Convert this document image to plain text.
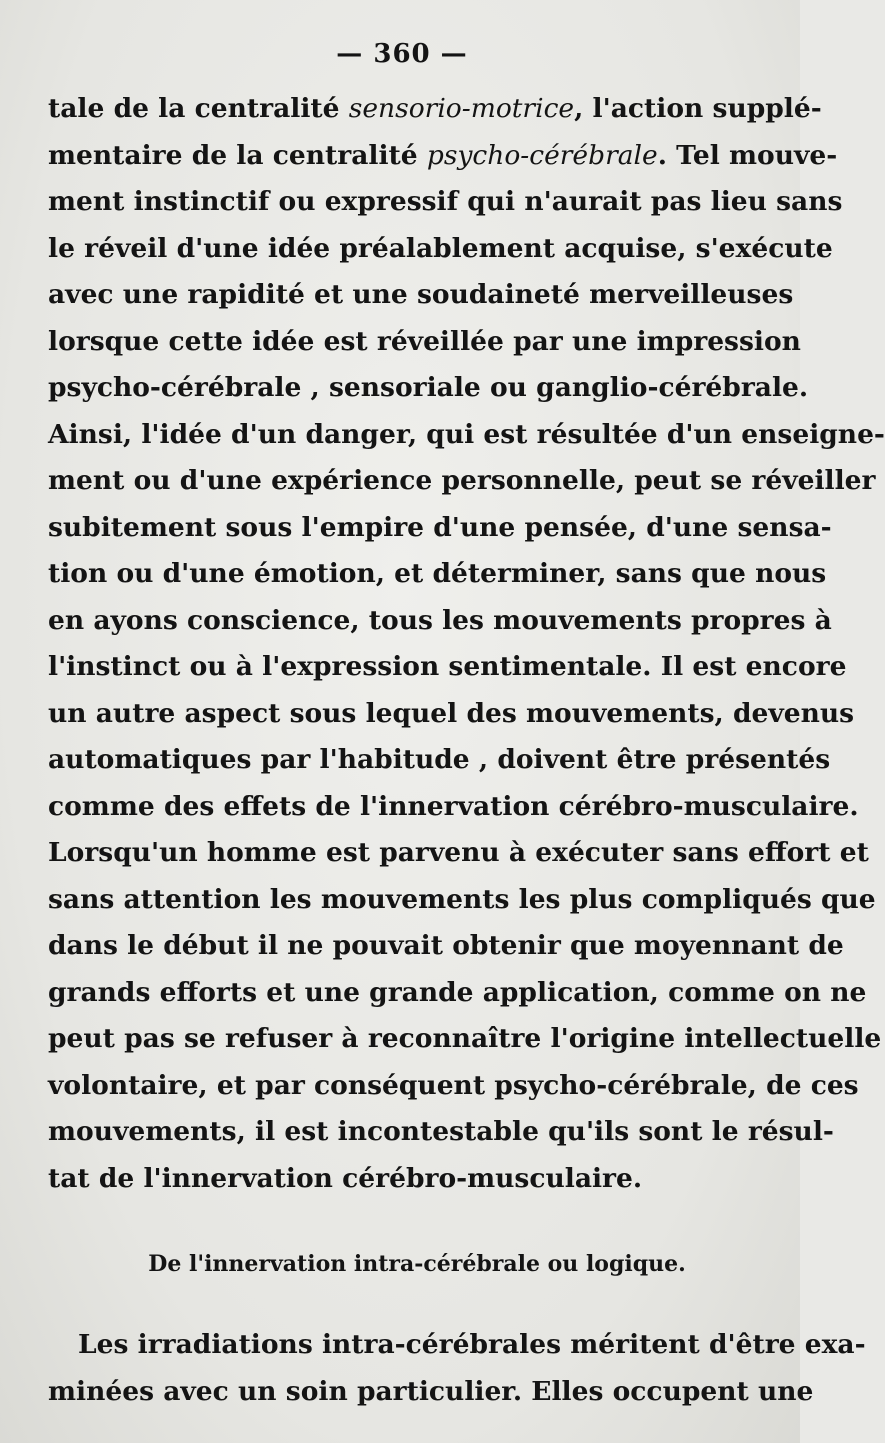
— 360 —
tale de la centralité sensorio-motrice, l'action supplé-
mentaire de la centralité psycho-cérébrale. Tel mouve-
ment instinctif ou expressif qui n'aurait pas lieu sans
le réveil d'une idée préalablement acquise, s'exécute
avec une rapidité et une soudaineté merveilleuses
lorsque cette idée est réveillée par une impression
psycho-cérébrale , sensoriale ou ganglio-cérébrale.
Ainsi, l'idée d'un danger, qui est résultée d'un enseigne-
ment ou d'une expérience personnelle, peut se réveiller
subitement sous l'empire d'une pensée, d'une sensa-
tion ou d'une émotion, et déterminer, sans que nous
en ayons conscience, tous les mouvements propres à
l'instinct ou à l'expression sentimentale. Il est encore
un autre aspect sous lequel des mouvements, devenus
automatiques par l'habitude , doivent être présentés
comme des effets de l'innervation cérébro-musculaire.
Lorsqu'un homme est parvenu à exécuter sans effort et
sans attention les mouvements les plus compliqués que
dans le début il ne pouvait obtenir que moyennant de
grands efforts et une grande application, comme on ne
peut pas se refuser à reconnaître l'origine intellectuelle
volontaire, et par conséquent psycho-cérébrale, de ces
mouvements, il est incontestable qu'ils sont le résul-
tat de l'innervation cérébro-musculaire.
De l'innervation intra-cérébrale ou logique.
Les irradiations intra-cérébrales méritent d'être exa-
minées avec un soin particulier. Elles occupent une
